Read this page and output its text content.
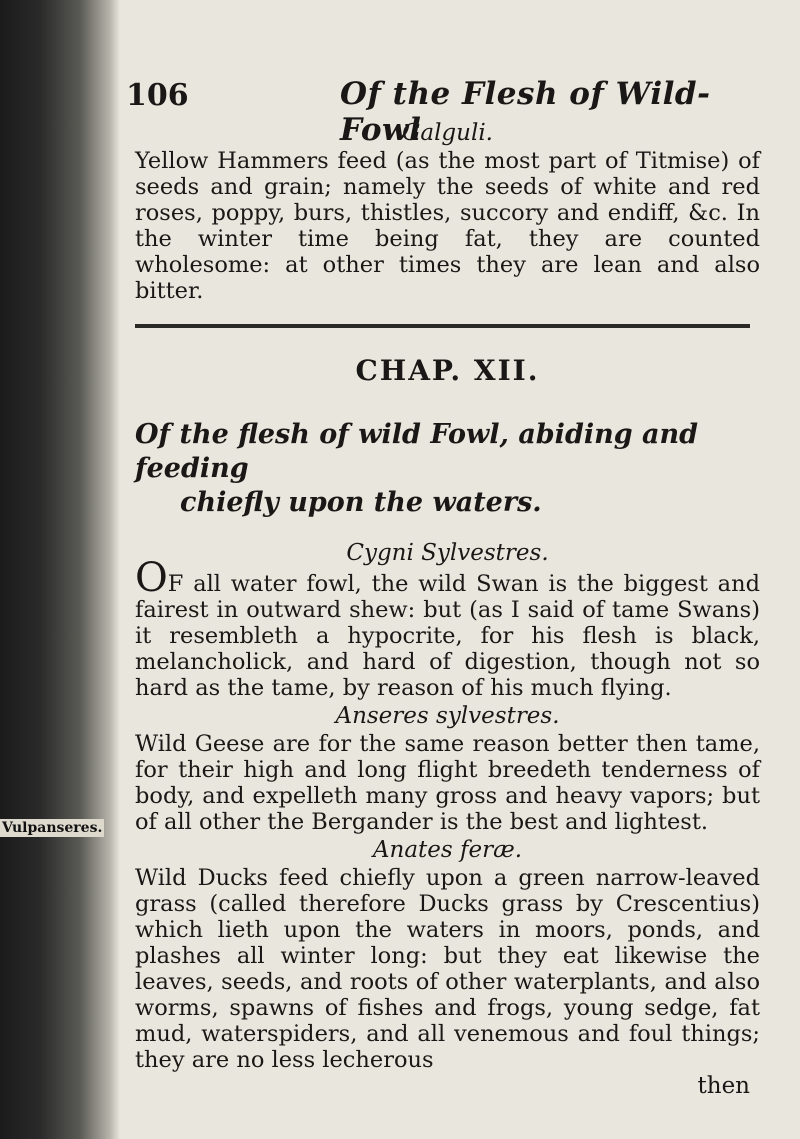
Vulpanseres.
106	Of the Flesh of Wild-Fowl
Galguli.

Yellow Hammers feed (as the most part of Titmise) of seeds and grain; namely the seeds of white and red roses, poppy, burs, thistles, succory and endiff, &c. In the winter time being fat, they are counted wholesome: at other times they are lean and also bitter.

CHAP. XII.
Of the flesh of wild Fowl, abiding and feeding
chiefly upon the waters.
Cygni Sylvestres.

OF all water fowl, the wild Swan is the biggest and fairest in outward shew: but (as I said of tame Swans) it resembleth a hypocrite, for his flesh is black, melancholick, and hard of digestion, though not so hard as the tame, by reason of his much flying.

Anseres sylvestres.

Wild Geese are for the same reason better then tame, for their high and long flight breedeth tenderness of body, and expelleth many gross and heavy vapors; but of all other the Bergander is the best and lightest.

Anates feræ.

Wild Ducks feed chiefly upon a green narrow-leaved grass (called therefore Ducks grass by Crescentius) which lieth upon the waters in moors, ponds, and plashes all winter long: but they eat likewise the leaves, seeds, and roots of other waterplants, and also worms, spawns of fishes and frogs, young sedge, fat mud, waterspiders, and all venemous and foul things; they are no less lecherous

then
